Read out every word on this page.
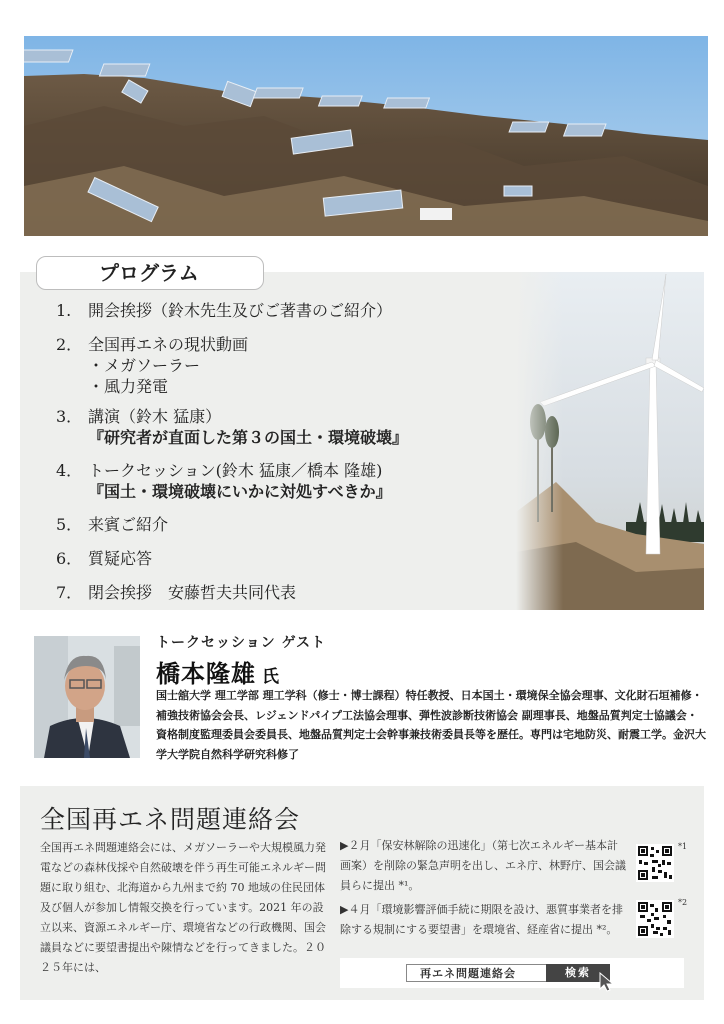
プログラム
1. 開会挨拶（鈴木先生及びご著書のご紹介）
2． 全国再エネの現状動画
・メガソーラー
・風力発電
3． 講演（鈴木 猛康）
『研究者が直面した第３の国土・環境破壊』
4． トークセッション(鈴木 猛康／橋本 隆雄)
『国土・環境破壊にいかに対処すべきか』
5． 来賓ご紹介
6． 質疑応答
7． 閉会挨拶　安藤哲夫共同代表
トークセッション ゲスト
橋本隆雄 氏
国士舘大学 理工学部 理工学科（修士・博士課程）特任教授、日本国土・環境保全協会理事、文化財石垣補修・補強技術協会会長、レジェンドパイプ工法協会理事、弾性波診断技術協会 副理事長、地盤品質判定士協議会・資格制度監理委員会委員長、地盤品質判定士会幹事兼技術委員長等を歴任。専門は宅地防災、耐震工学。金沢大学大学院自然科学研究科修了
全国再エネ問題連絡会
全国再エネ問題連絡会には、メガソーラーや大規模風力発電などの森林伐採や自然破壊を伴う再生可能エネルギー問題に取り組む、北海道から九州まで約 70 地域の住民団体及び個人が参加し情報交換を行っています。2021 年の設立以来、資源エネルギー庁、環境省などの行政機関、国会議員などに要望書提出や陳情などを行ってきました。２０２５年には、

▶２月「保安林解除の迅速化」（第七次エネルギー基本計画案）を削除の緊急声明を出し、エネ庁、林野庁、国会議員らに提出 *¹。

▶４月「環境影響評価手続に期限を設け、悪質事業者を排除する規制にする要望書」を環境省、経産省に提出 *²。

*1
*2
再エネ問題連絡会	検索
